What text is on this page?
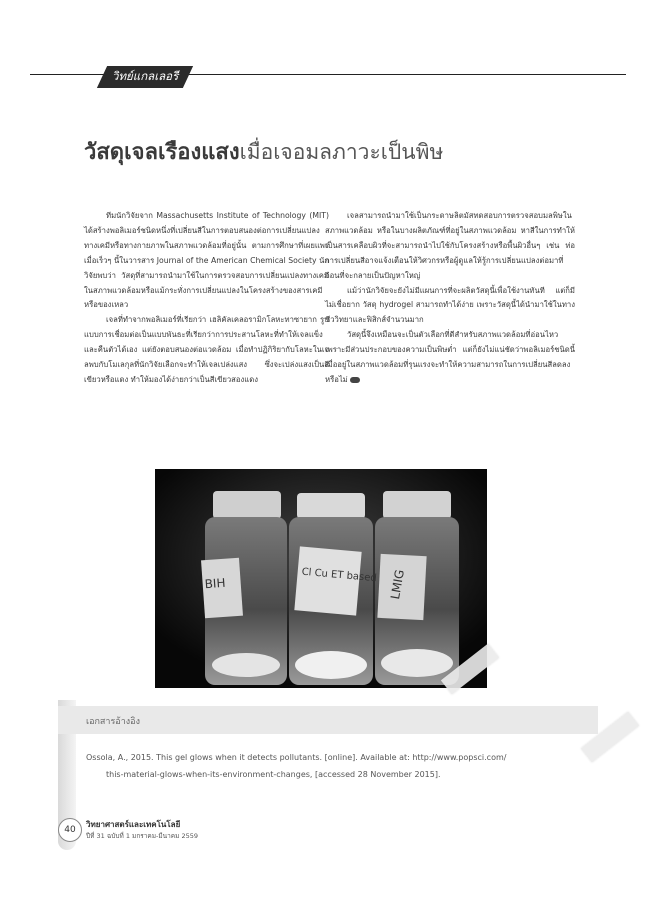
วิทย์แกลเลอรี
วัสดุเจลเรืองแสงเมื่อเจอมลภาวะเป็นพิษ

ทีมนักวิจัยจาก Massachusetts Institute of Technology (MIT) ได้สร้างพอลิเมอร์ชนิดหนึ่งที่เปลี่ยนสีในการตอบสนองต่อการเปลี่ยนแปลงทางเคมีหรือทางกายภาพในสภาพแวดล้อมที่อยู่นั้น ตามการศึกษาที่เผยแพร่เมื่อเร็วๆ นี้ในวารสาร Journal of the American Chemical Society นักวิจัยพบว่า วัสดุที่สามารถนำมาใช้ในการตรวจสอบการเปลี่ยนแปลงทางเคมีในสภาพแวดล้อมหรือแม้กระทั่งการเปลี่ยนแปลงในโครงสร้างของสารเคมีหรือของเหลว

เจลที่ทำจากพอลิเมอร์ที่เรียกว่า เฮลิคัลเคลอรามิกโลหะทาซายาก รูปแบบการเชื่อมต่อเป็นแบบพันธะที่เรียกว่าการประสานโลหะที่ทำให้เจลแข็งและคืนตัวได้เอง แต่ยังตอบสนองต่อแวดล้อม เมื่อทำปฏิกิริยากับโลหะในเจลพบกับโมเลกุลที่นักวิจัยเลือกจะทำให้เจลเปล่งแสง ซึ่งจะเปล่งแสงเป็นสีเขียวหรือแดง ทำให้มองได้ง่ายกว่าเป็นสีเขียวสองแดง

เจลสามารถนำมาใช้เป็นกระดาษลิตมัสทดสอบการตรวจสอบมลพิษในสภาพแวดล้อม หรือในบางผลิตภัณฑ์ที่อยู่ในสภาพแวดล้อม หาสีในการทำให้เป็นสารเคลือบผิวที่จะสามารถนำไปใช้กับโครงสร้างหรือพื้นผิวอื่นๆ เช่น ท่อ การเปลี่ยนสีอาจแจ้งเตือนให้วิศวกรหรือผู้ดูแลให้รู้การเปลี่ยนแปลงต่อมาที่ก่อนที่จะกลายเป็นปัญหาใหญ่

แม้ว่านักวิจัยจะยังไม่มีแผนการที่จะผลิตวัสดุนี้เพื่อใช้งานทันที แต่ก็มีไม่เชื่อยาก วัสดุ hydrogel สามารถทำได้ง่าย เพราะวัสดุนี้ได้นำมาใช้ในทางชีววิทยาและฟิสิกส์จำนวนมาก

วัสดุนี้จึงเหมือนจะเป็นตัวเลือกที่ดีสำหรับสภาพแวดล้อมที่อ่อนไหว เพราะมีส่วนประกอบของความเป็นพิษต่ำ แต่ก็ยังไม่แน่ชัดว่าพอลิเมอร์ชนิดนี้เมื่ออยู่ในสภาพแวดล้อมที่รุนแรงจะทำให้ความสามารถในการเปลี่ยนสีลดลงหรือไม่

BIH	Cl Cu ET based LMIG
เอกสารอ้างอิง
Ossola, A., 2015. This gel glows when it detects pollutants. [online]. Available at: http://www.popsci.com/
this-material-glows-when-its-environment-changes, [accessed 28 November 2015].
40
วิทยาศาสตร์และเทคโนโลยี
ปีที่ 31 ฉบับที่ 1 มกราคม-มีนาคม 2559
